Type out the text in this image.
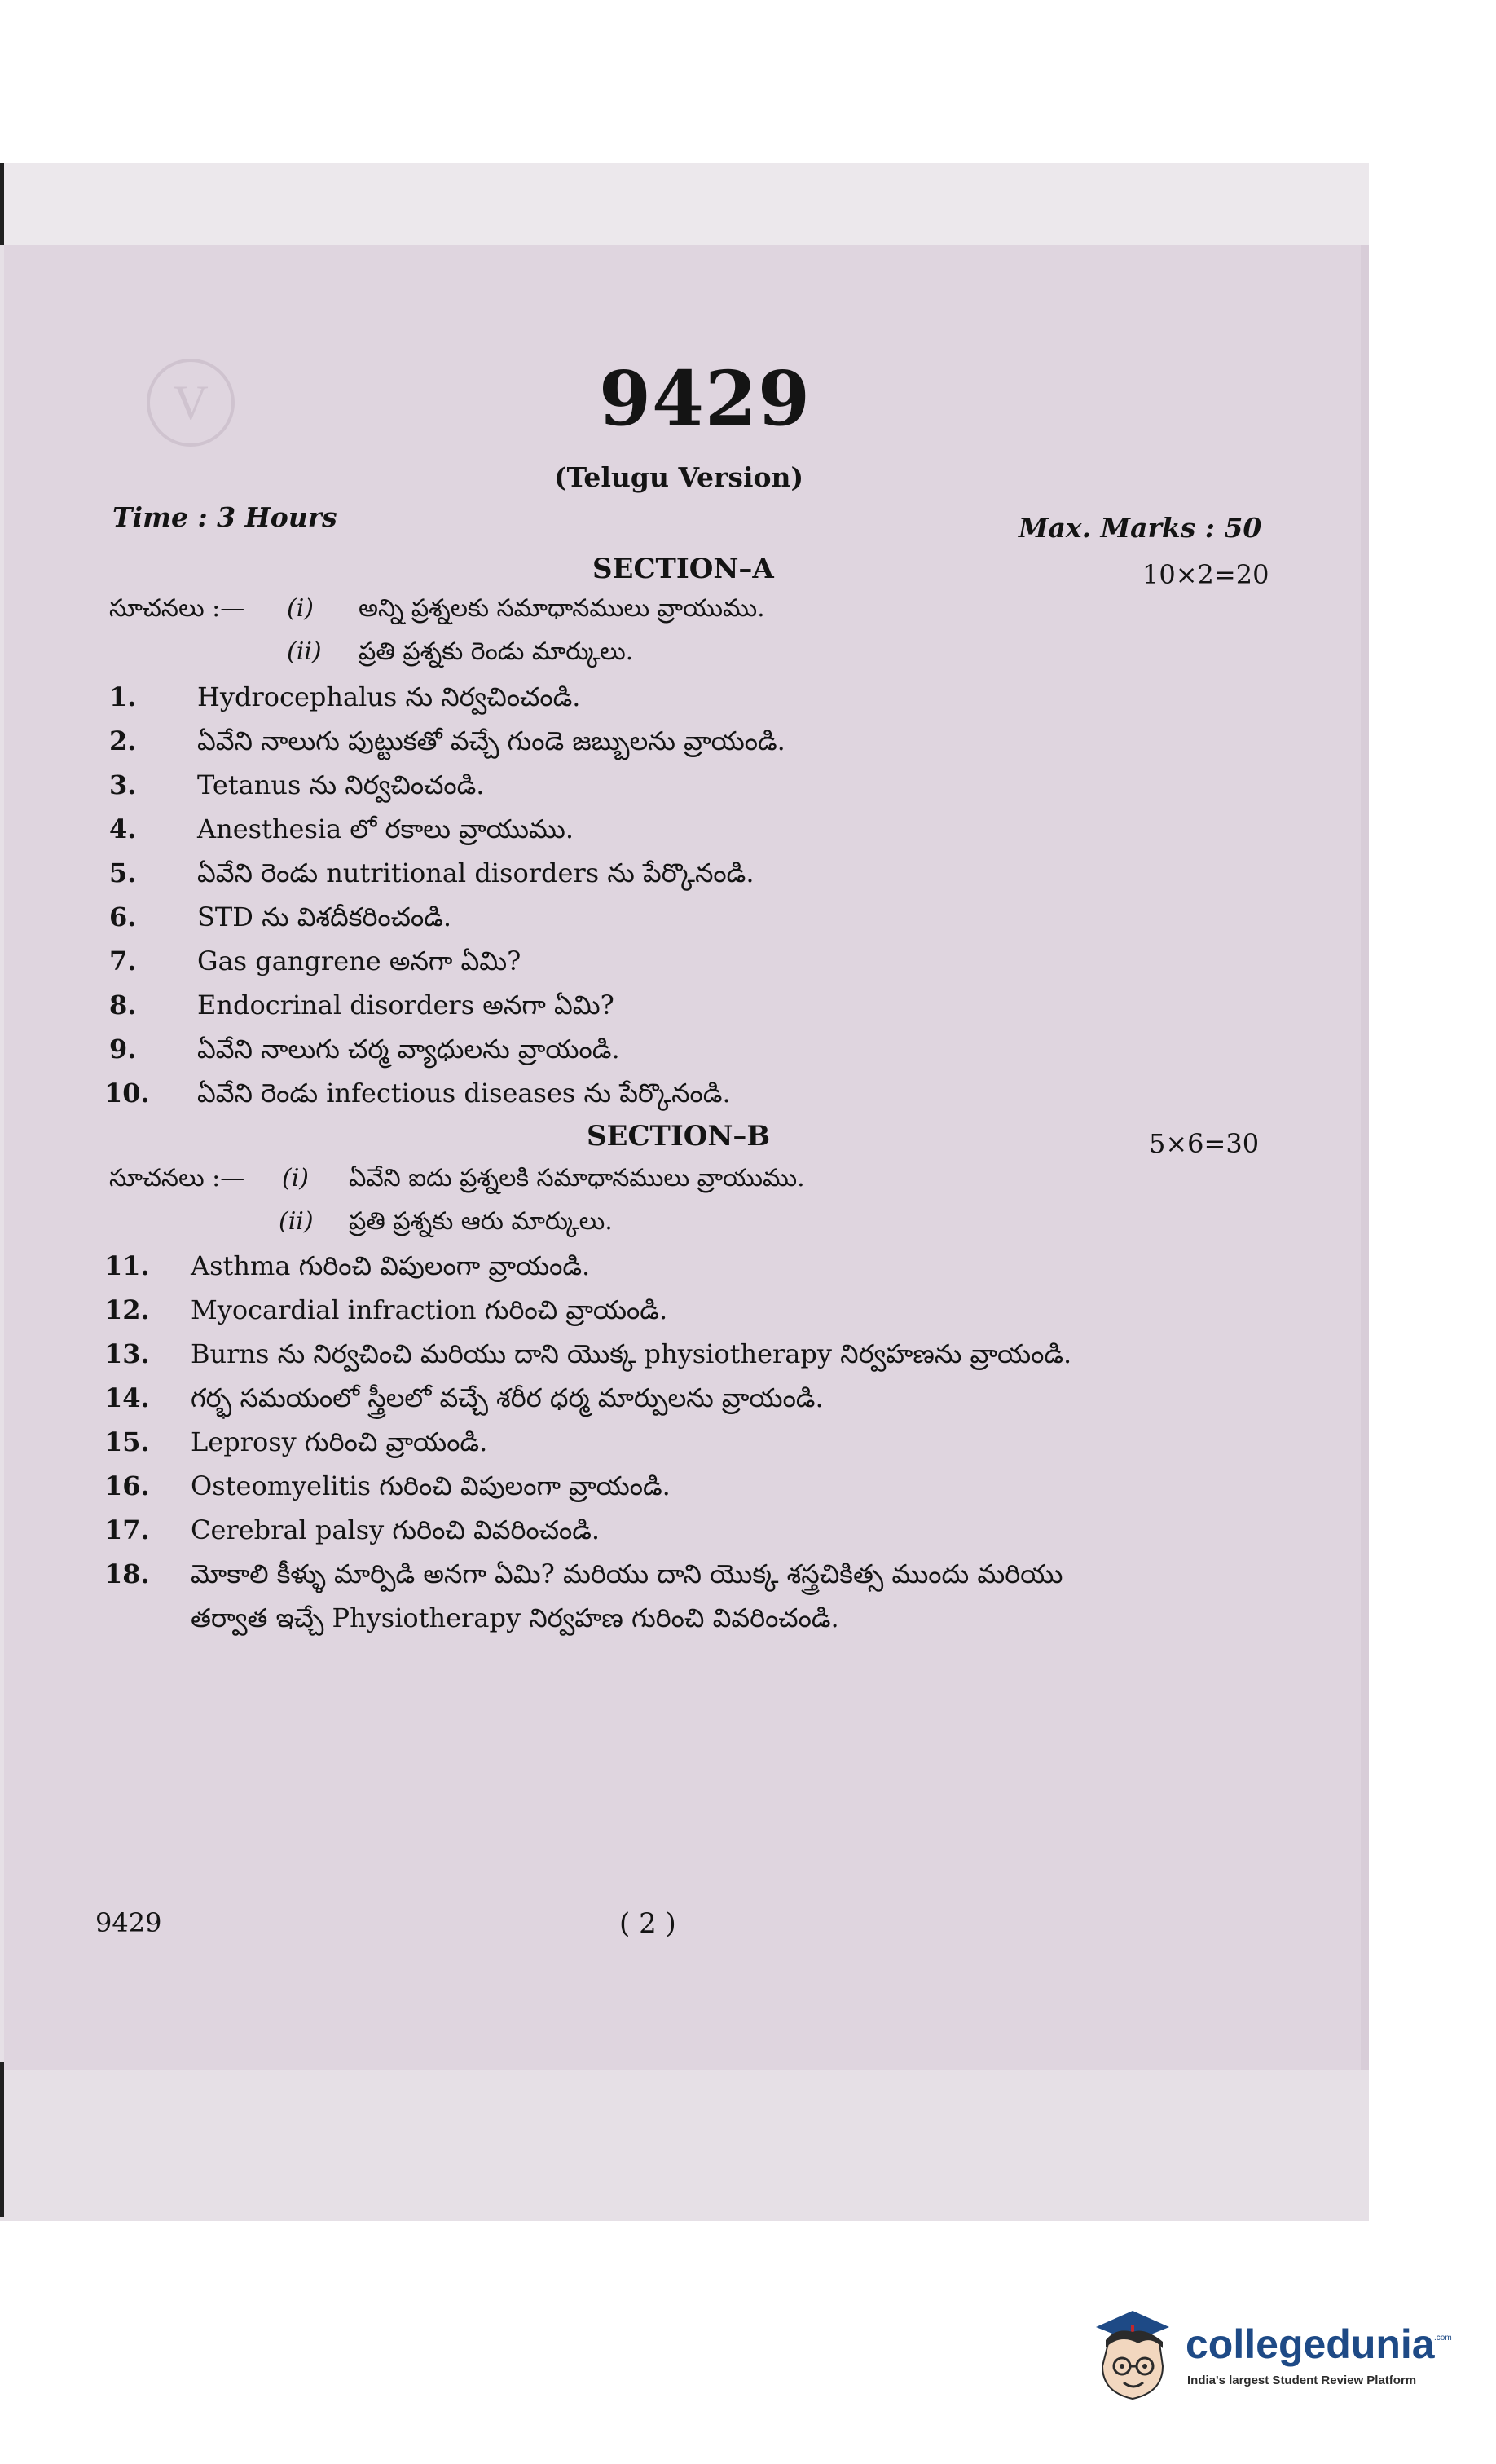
V	9429
(Telugu Version)
Time : 3 Hours	Max. Marks : 50
SECTION–A	10×2=20
సూచనలు :— (i) అన్ని ప్రశ్నలకు సమాధానములు వ్రాయుము.
(ii) ప్రతి ప్రశ్నకు రెండు మార్కులు.
1. Hydrocephalus ను నిర్వచించండి.
2. ఏవేని నాలుగు పుట్టుకతో వచ్చే గుండె జబ్బులను వ్రాయండి.
3. Tetanus ను నిర్వచించండి.
4. Anesthesia లో రకాలు వ్రాయుము.
5. ఏవేని రెండు nutritional disorders ను పేర్కొనండి.
6. STD ను విశదీకరించండి.
7. Gas gangrene అనగా ఏమి?
8. Endocrinal disorders అనగా ఏమి?
9. ఏవేని నాలుగు చర్మ వ్యాధులను వ్రాయండి.
10. ఏవేని రెండు infectious diseases ను పేర్కొనండి.
SECTION–B	5×6=30
సూచనలు :— (i) ఏవేని ఐదు ప్రశ్నలకి సమాధానములు వ్రాయుము.
(ii) ప్రతి ప్రశ్నకు ఆరు మార్కులు.
11. Asthma గురించి విపులంగా వ్రాయండి.
12. Myocardial infraction గురించి వ్రాయండి.
13. Burns ను నిర్వచించి మరియు దాని యొక్క physiotherapy నిర్వహణను వ్రాయండి.
14. గర్భ సమయంలో స్త్రీలలో వచ్చే శరీర ధర్మ మార్పులను వ్రాయండి.
15. Leprosy గురించి వ్రాయండి.
16. Osteomyelitis గురించి విపులంగా వ్రాయండి.
17. Cerebral palsy గురించి వివరించండి.
18. మోకాలి కీళ్ళు మార్పిడి అనగా ఏమి? మరియు దాని యొక్క శస్త్రచికిత్స ముందు మరియు
తర్వాత ఇచ్చే Physiotherapy నిర్వహణ గురించి వివరించండి.
9429	( 2 )
collegedunia .com
India's largest Student Review Platform
